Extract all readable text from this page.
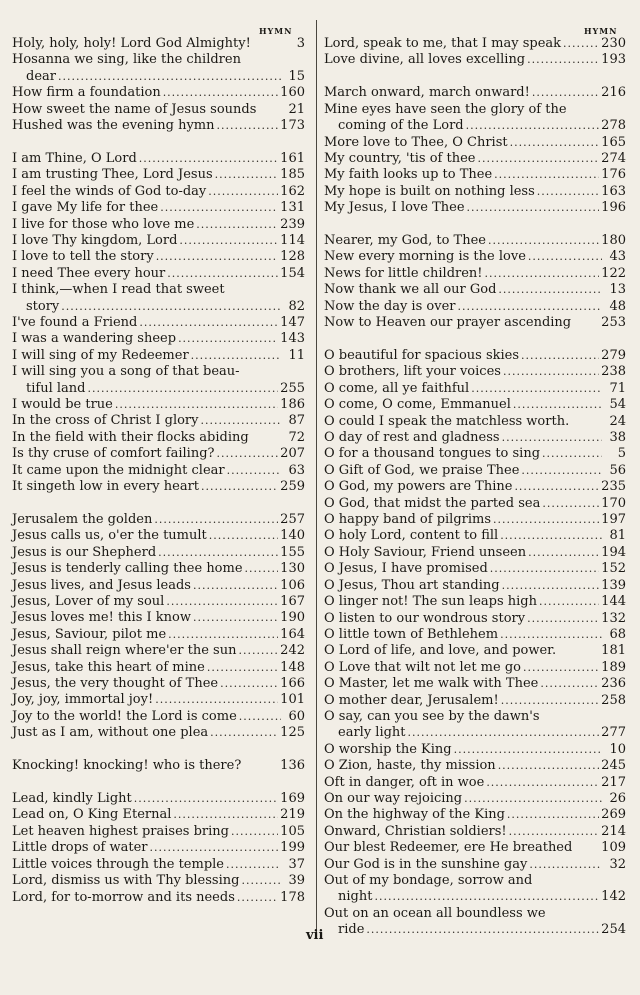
HYMN	HYMN
Holy, holy, holy! Lord God Almighty!	3
Hosanna we sing, like the children
dear .....	15
How firm a foundation .....	160
How sweet the name of Jesus sounds	21
Hushed was the evening hymn .....	173
I am Thine, O Lord .....	161
I am trusting Thee, Lord Jesus .....	185
I feel the winds of God to-day .....	162
I gave My life for thee .....	131
I live for those who love me .....	239
I love Thy kingdom, Lord .....	114
I love to tell the story .....	128
I need Thee every hour .....	154
I think,—when I read that sweet
story .....	82
I've found a Friend .....	147
I was a wandering sheep .....	143
I will sing of my Redeemer .....	11
I will sing you a song of that beau-
tiful land .....	255
I would be true .....	186
In the cross of Christ I glory .....	87
In the field with their flocks abiding	72
Is thy cruse of comfort failing? .....	207
It came upon the midnight clear .....	63
It singeth low in every heart .....	259
Jerusalem the golden .....	257
Jesus calls us, o'er the tumult .....	140
Jesus is our Shepherd .....	155
Jesus is tenderly calling thee home .....	130
Jesus lives, and Jesus leads .....	106
Jesus, Lover of my soul .....	167
Jesus loves me! this I know .....	190
Jesus, Saviour, pilot me .....	164
Jesus shall reign where'er the sun .....	242
Jesus, take this heart of mine .....	148
Jesus, the very thought of Thee .....	166
Joy, joy, immortal joy! .....	101
Joy to the world! the Lord is come .....	60
Just as I am, without one plea .....	125
Knocking! knocking! who is there?	136
Lead, kindly Light .....	169
Lead on, O King Eternal .....	219
Let heaven highest praises bring .....	105
Little drops of water .....	199
Little voices through the temple .....	37
Lord, dismiss us with Thy blessing .....	39
Lord, for to-morrow and its needs .....	178
Lord, speak to me, that I may speak .....	230
Love divine, all loves excelling .....	193
March onward, march onward! .....	216
Mine eyes have seen the glory of the
coming of the Lord .....	278
More love to Thee, O Christ .....	165
My country, 'tis of thee .....	274
My faith looks up to Thee .....	176
My hope is built on nothing less .....	163
My Jesus, I love Thee .....	196
Nearer, my God, to Thee .....	180
New every morning is the love .....	43
News for little children! .....	122
Now thank we all our God .....	13
Now the day is over .....	48
Now to Heaven our prayer ascending 253
O beautiful for spacious skies .....	279
O brothers, lift your voices .....	238
O come, all ye faithful .....	71
O come, O come, Emmanuel .....	54
O could I speak the matchless worth.	24
O day of rest and gladness .....	38
O for a thousand tongues to sing .....	5
O Gift of God, we praise Thee .....	56
O God, my powers are Thine .....	235
O God, that midst the parted sea .....	170
O happy band of pilgrims .....	197
O holy Lord, content to fill .....	81
O Holy Saviour, Friend unseen .....	194
O Jesus, I have promised .....	152
O Jesus, Thou art standing .....	139
O linger not! The sun leaps high .....	144
O listen to our wondrous story .....	132
O little town of Bethlehem .....	68
O Lord of life, and love, and power.	181
O Love that wilt not let me go .....	189
O Master, let me walk with Thee .....	236
O mother dear, Jerusalem! .....	258
O say, can you see by the dawn's
early light .....	277
O worship the King .....	10
O Zion, haste, thy mission .....	245
Oft in danger, oft in woe .....	217
On our way rejoicing .....	26
On the highway of the King .....	269
Onward, Christian soldiers! .....	214
Our blest Redeemer, ere He breathed 109
Our God is in the sunshine gay .....	32
Out of my bondage, sorrow and
night .....	142
Out on an ocean all boundless we
ride .....	254
vii
